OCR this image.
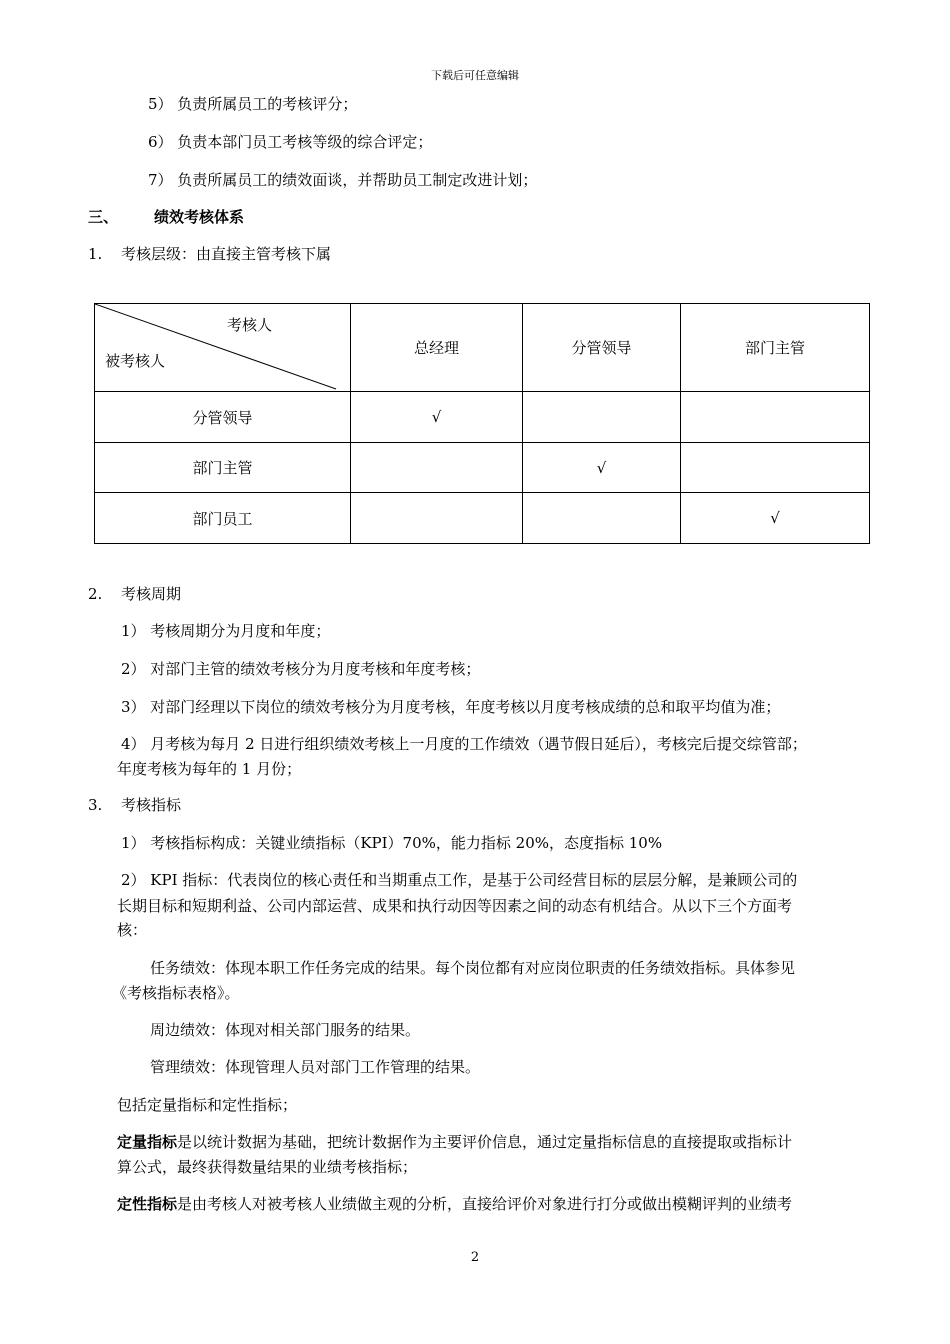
下载后可任意编辑
5） 负责所属员工的考核评分；
6） 负责本部门员工考核等级的综合评定；
7） 负责所属员工的绩效面谈，并帮助员工制定改进计划；
三、 绩效考核体系
1. 考核层级：由直接主管考核下属
考核人
被考核人	总经理	分管领导	部门主管
分管领导	√		
部门主管		√	
部门员工			√
2. 考核周期
1） 考核周期分为月度和年度；
2） 对部门主管的绩效考核分为月度考核和年度考核；
3） 对部门经理以下岗位的绩效考核分为月度考核，年度考核以月度考核成绩的总和取平均值为准；
4） 月考核为每月 2 日进行组织绩效考核上一月度的工作绩效（遇节假日延后），考核完后提交综管部；
年度考核为每年的 1 月份；
3. 考核指标
1） 考核指标构成：关键业绩指标（KPI）70%，能力指标 20%，态度指标 10%
2） KPI 指标：代表岗位的核心责任和当期重点工作，是基于公司经营目标的层层分解，是兼顾公司的
长期目标和短期利益、公司内部运营、成果和执行动因等因素之间的动态有机结合。从以下三个方面考
核：
任务绩效：体现本职工作任务完成的结果。每个岗位都有对应岗位职责的任务绩效指标。具体参见
《考核指标表格》。
周边绩效：体现对相关部门服务的结果。
管理绩效：体现管理人员对部门工作管理的结果。
包括定量指标和定性指标；
定量指标是以统计数据为基础，把统计数据作为主要评价信息，通过定量指标信息的直接提取或指标计
算公式，最终获得数量结果的业绩考核指标；
定性指标是由考核人对被考核人业绩做主观的分析，直接给评价对象进行打分或做出模糊评判的业绩考
2
